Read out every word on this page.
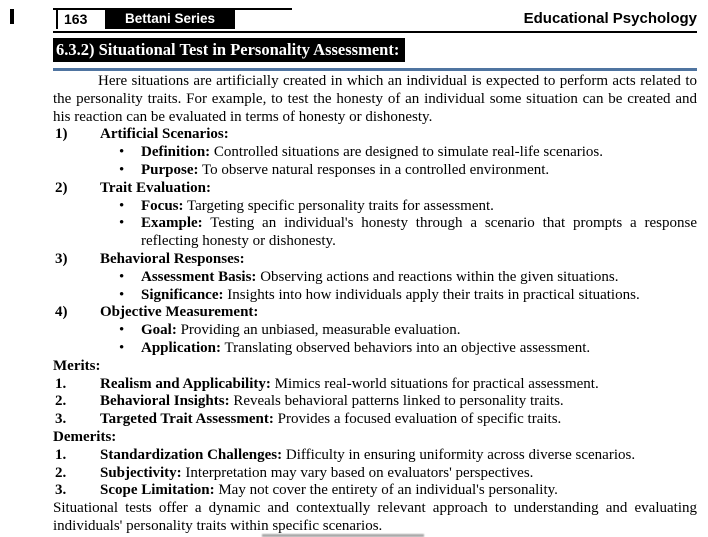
163	Bettani Series	Educational Psychology
6.3.2) Situational Test in Personality Assessment:

Here situations are artificially created in which an individual is expected to perform acts related to the personality traits. For example, to test the honesty of an individual some situation can be created and his reaction can be evaluated in terms of honesty or dishonesty.

1) Artificial Scenarios:
• Definition: Controlled situations are designed to simulate real-life scenarios.
• Purpose: To observe natural responses in a controlled environment.
2) Trait Evaluation:
• Focus: Targeting specific personality traits for assessment.
• Example: Testing an individual's honesty through a scenario that prompts a response reflecting honesty or dishonesty.
3) Behavioral Responses:
• Assessment Basis: Observing actions and reactions within the given situations.
• Significance: Insights into how individuals apply their traits in practical situations.
4) Objective Measurement:
• Goal: Providing an unbiased, measurable evaluation.
• Application: Translating observed behaviors into an objective assessment.
Merits:
1. Realism and Applicability: Mimics real-world situations for practical assessment.
2. Behavioral Insights: Reveals behavioral patterns linked to personality traits.
3. Targeted Trait Assessment: Provides a focused evaluation of specific traits.
Demerits:
1. Standardization Challenges: Difficulty in ensuring uniformity across diverse scenarios.
2. Subjectivity: Interpretation may vary based on evaluators' perspectives.
3. Scope Limitation: May not cover the entirety of an individual's personality.

Situational tests offer a dynamic and contextually relevant approach to understanding and evaluating individuals' personality traits within specific scenarios.
